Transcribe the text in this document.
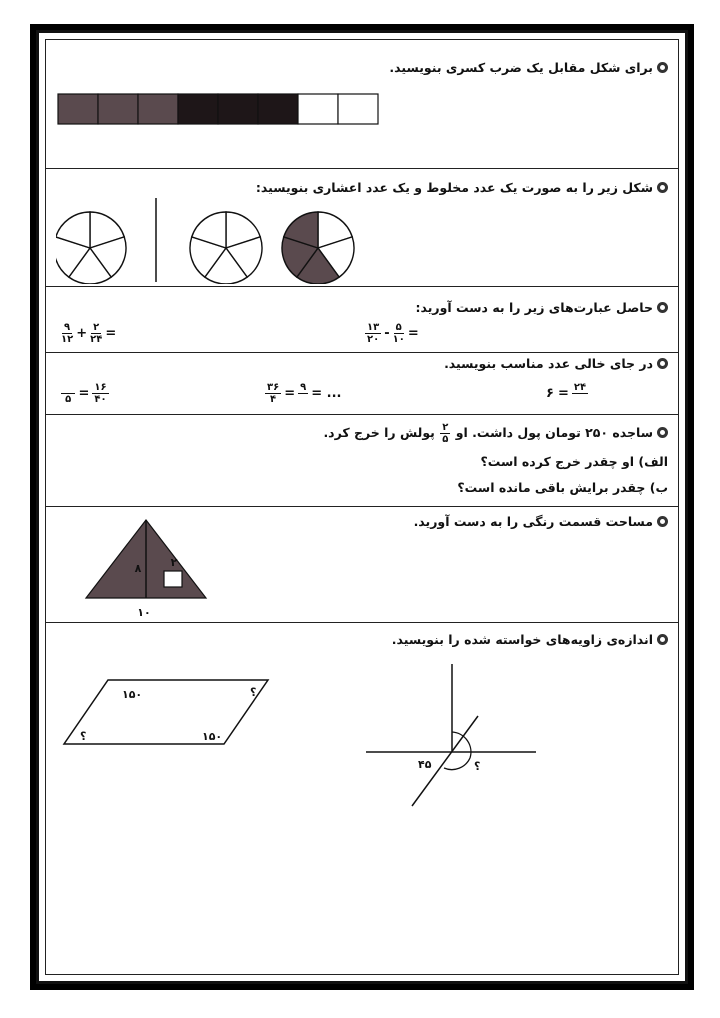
برای شکل مقابل یک ضرب کسری بنویسید.
شکل زیر را به صورت یک عدد مخلوط و یک عدد اعشاری بنویسید:
حاصل عبارت‌های زیر را به دست آورید:
$\frac{۹}{۱۲} + \frac{۲}{۲۴}$ =	$\frac{۱۳}{۲۰} - \frac{۵}{۱۰}$ =
در جای خالی عدد مناسب بنویسید.

۵ = $\frac{۱۶}{۴۰}$	$\frac{۳۶}{۴}$ = ۹
= ...	۶ = ۲۴

ساجده ۲۵۰ تومان پول داشت. او
$\frac{۲}{۵}$
پولش را خرج کرد.
الف) او چقدر خرج کرده است؟
ب) چقدر برایش باقی مانده است؟
مساحت قسمت رنگی را به دست آورید.
۸	۲
۱۰
اندازه‌ی زاویه‌های خواسته شده را بنویسید.
۱۵۰	؟
؟	۱۵۰
۴۵	؟
